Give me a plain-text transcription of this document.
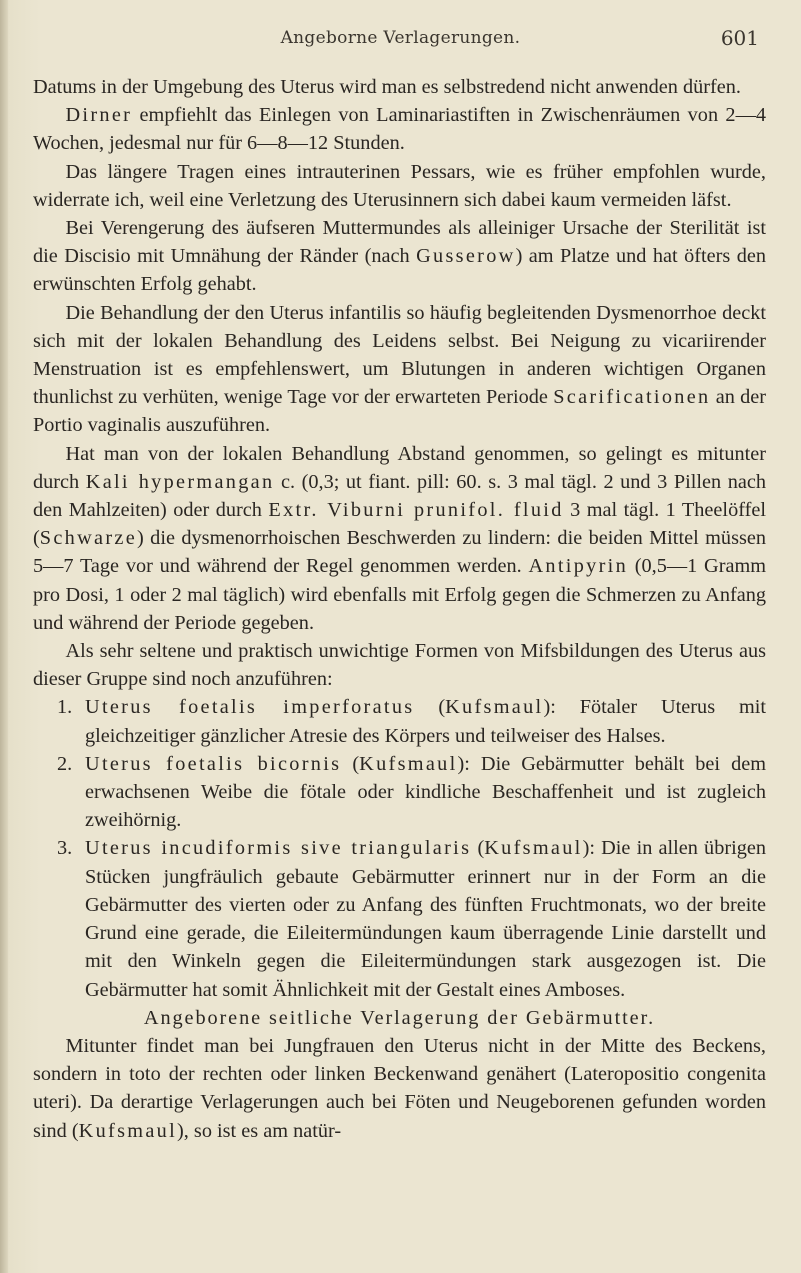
Angeborne Verlagerungen.	601

Datums in der Umgebung des Uterus wird man es selbstredend nicht anwenden dürfen.

Dirner empfiehlt das Einlegen von Laminariastiften in Zwischenräumen von 2—4 Wochen, jedesmal nur für 6—8—12 Stunden.

Das längere Tragen eines intrauterinen Pessars, wie es früher empfohlen wurde, widerrate ich, weil eine Verletzung des Uterusinnern sich dabei kaum vermeiden läfst.

Bei Verengerung des äufseren Muttermundes als alleiniger Ursache der Sterilität ist die Discisio mit Umnähung der Ränder (nach Gusserow) am Platze und hat öfters den erwünschten Erfolg gehabt.

Die Behandlung der den Uterus infantilis so häufig begleitenden Dysmenorrhoe deckt sich mit der lokalen Behandlung des Leidens selbst. Bei Neigung zu vicariirender Menstruation ist es empfehlenswert, um Blutungen in anderen wichtigen Organen thunlichst zu verhüten, wenige Tage vor der erwarteten Periode Scarificationen an der Portio vaginalis auszuführen.

Hat man von der lokalen Behandlung Abstand genommen, so gelingt es mitunter durch Kali hypermangan c. (0,3; ut fiant. pill: 60. s. 3 mal tägl. 2 und 3 Pillen nach den Mahlzeiten) oder durch Extr. Viburni prunifol. fluid 3 mal tägl. 1 Theelöffel (Schwarze) die dysmenorrhoischen Beschwerden zu lindern: die beiden Mittel müssen 5—7 Tage vor und während der Regel genommen werden. Antipyrin (0,5—1 Gramm pro Dosi, 1 oder 2 mal täglich) wird ebenfalls mit Erfolg gegen die Schmerzen zu Anfang und während der Periode gegeben.

Als sehr seltene und praktisch unwichtige Formen von Mifsbildungen des Uterus aus dieser Gruppe sind noch anzuführen:

1. Uterus foetalis imperforatus (Kufsmaul): Fötaler Uterus mit gleichzeitiger gänzlicher Atresie des Körpers und teilweiser des Halses.
2. Uterus foetalis bicornis (Kufsmaul): Die Gebärmutter behält bei dem erwachsenen Weibe die fötale oder kindliche Beschaffenheit und ist zugleich zweihörnig.
3. Uterus incudiformis sive triangularis (Kufsmaul): Die in allen übrigen Stücken jungfräulich gebaute Gebärmutter erinnert nur in der Form an die Gebärmutter des vierten oder zu Anfang des fünften Fruchtmonats, wo der breite Grund eine gerade, die Eileitermündungen kaum überragende Linie darstellt und mit den Winkeln gegen die Eileitermündungen stark ausgezogen ist. Die Gebärmutter hat somit Ähnlichkeit mit der Gestalt eines Amboses.

Angeborene seitliche Verlagerung der Gebärmutter.

Mitunter findet man bei Jungfrauen den Uterus nicht in der Mitte des Beckens, sondern in toto der rechten oder linken Beckenwand genähert (Lateropositio congenita uteri). Da derartige Verlagerungen auch bei Föten und Neugeborenen gefunden worden sind (Kufsmaul), so ist es am natür-
